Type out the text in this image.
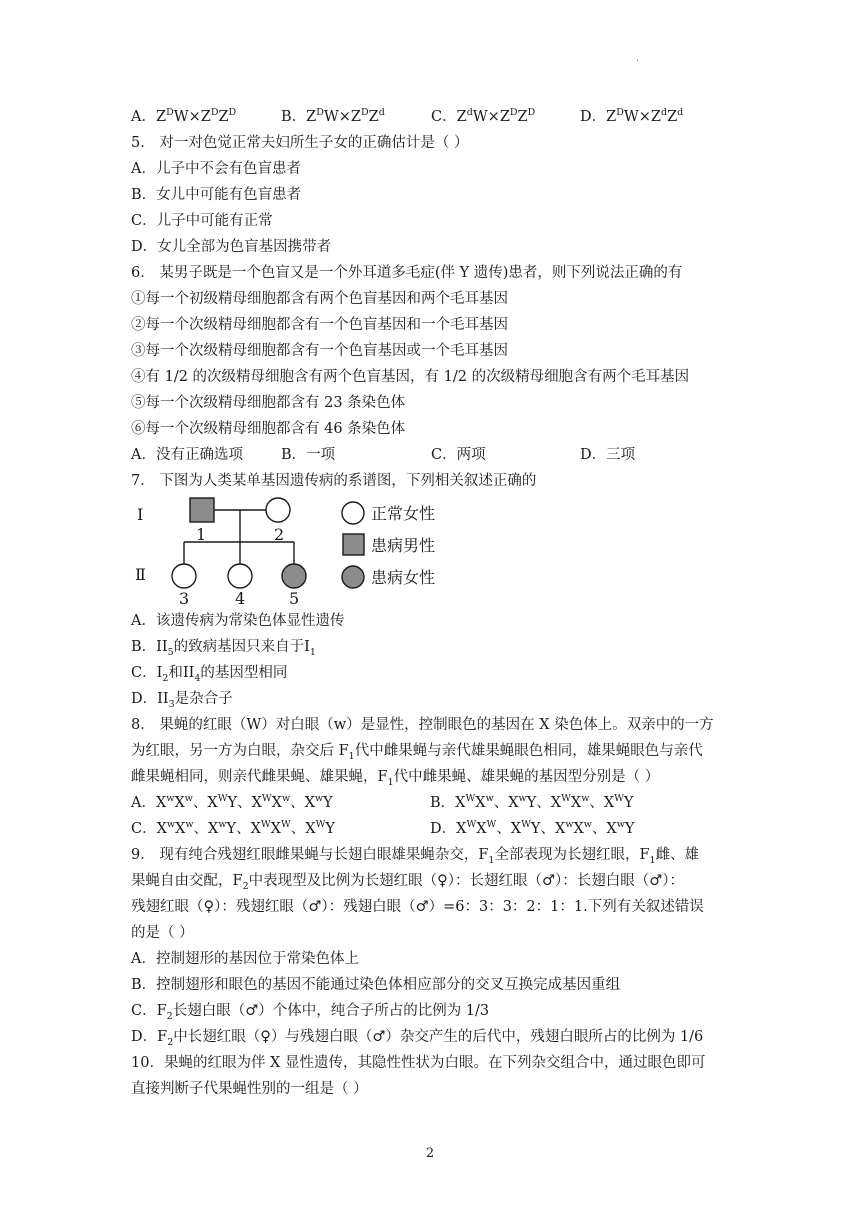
·
A．$Z^DW\times Z^DZ^D$	B．$Z^DW\times Z^DZ^d$	C．$Z^dW\times Z^DZ^D$	D．$Z^DW\times Z^dZ^d$
5． 对一对色觉正常夫妇所生子女的正确估计是（ ）
A．儿子中不会有色盲患者
B．女儿中可能有色盲患者
C．儿子中可能有正常
D．女儿全部为色盲基因携带者
6． 某男子既是一个色盲又是一个外耳道多毛症(伴 Y 遗传)患者，则下列说法正确的有
①每一个初级精母细胞都含有两个色盲基因和两个毛耳基因
②每一个次级精母细胞都含有一个色盲基因和一个毛耳基因
③每一个次级精母细胞都含有一个色盲基因或一个毛耳基因
④有 1/2 的次级精母细胞含有两个色盲基因，有 1/2 的次级精母细胞含有两个毛耳基因
⑤每一个次级精母细胞都含有 23 条染色体
⑥每一个次级精母细胞都含有 46 条染色体
A．没有正确选项	B．一项	C．两项	D．三项
7． 下图为人类某单基因遗传病的系谱图，下列相关叙述正确的
I
Ⅱ
1	2
3	4	5
正常女性
患病男性
患病女性
A．该遗传病为常染色体显性遗传
B．$II_5$的致病基因只来自于$I_1$
C．$I_2$和$II_4$的基因型相同
D．$II_3$是杂合子
8． 果蝇的红眼（W）对白眼（w）是显性，控制眼色的基因在 X 染色体上。双亲中的一方
为红眼，另一方为白眼，杂交后 $F_1$代中雌果蝇与亲代雄果蝇眼色相同，雄果蝇眼色与亲代
雌果蝇相同，则亲代雌果蝇、雄果蝇，$F_1$代中雌果蝇、雄果蝇的基因型分别是（ ）
A．$X^wX^w$、$X^WY$、$X^WX^w$、$X^wY$	B．$X^WX^w$、$X^wY$、$X^WX^w$、$X^WY$
C．$X^wX^w$、$X^wY$、$X^WX^W$、$X^WY$	D．$X^WX^W$、$X^WY$、$X^wX^w$、$X^wY$
9． 现有纯合残翅红眼雌果蝇与长翅白眼雄果蝇杂交，$F_1$全部表现为长翅红眼，$F_1$雌、雄
果蝇自由交配，$F_2$中表现型及比例为长翅红眼（♀）：长翅红眼（♂）：长翅白眼（♂）：
残翅红眼（♀）：残翅红眼（♂）：残翅白眼（♂）=6：3：3：2：1：1.下列有关叙述错误
的是（ ）
A．控制翅形的基因位于常染色体上
B．控制翅形和眼色的基因不能通过染色体相应部分的交叉互换完成基因重组
C．$F_2$长翅白眼（♂）个体中，纯合子所占的比例为 1/3
D．$F_2$中长翅红眼（♀）与残翅白眼（♂）杂交产生的后代中，残翅白眼所占的比例为 1/6
10．果蝇的红眼为伴 X 显性遗传，其隐性性状为白眼。在下列杂交组合中，通过眼色即可
直接判断子代果蝇性别的一组是（ ）
2
